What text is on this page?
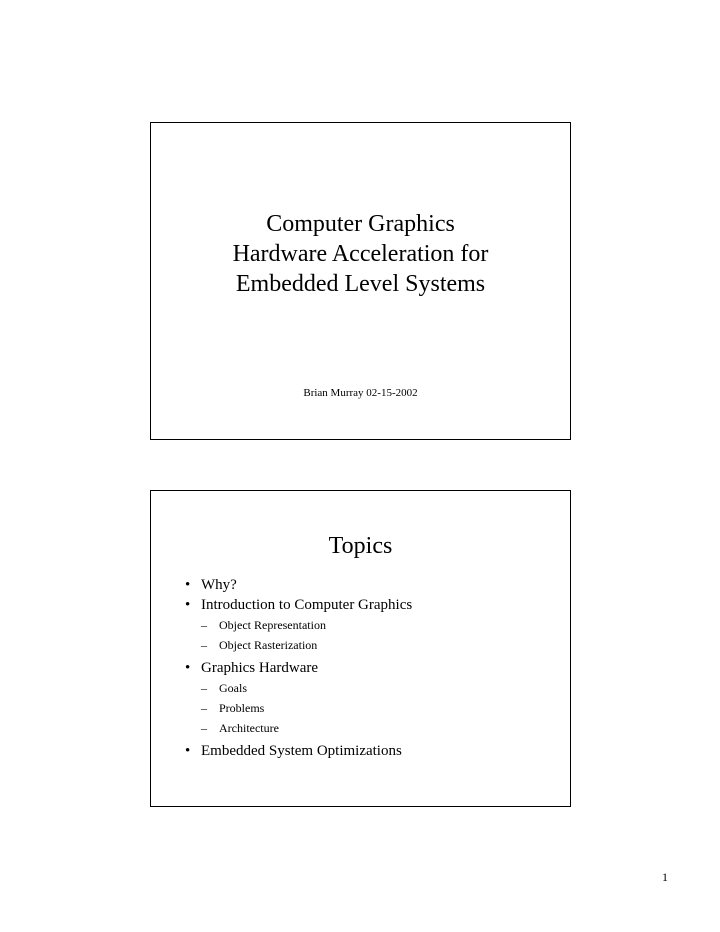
Computer Graphics
Hardware Acceleration for
Embedded Level Systems
Brian Murray 02-15-2002
Topics
• Why?
• Introduction to Computer Graphics
– Object Representation
– Object Rasterization
• Graphics Hardware
– Goals
– Problems
– Architecture
• Embedded System Optimizations
1
